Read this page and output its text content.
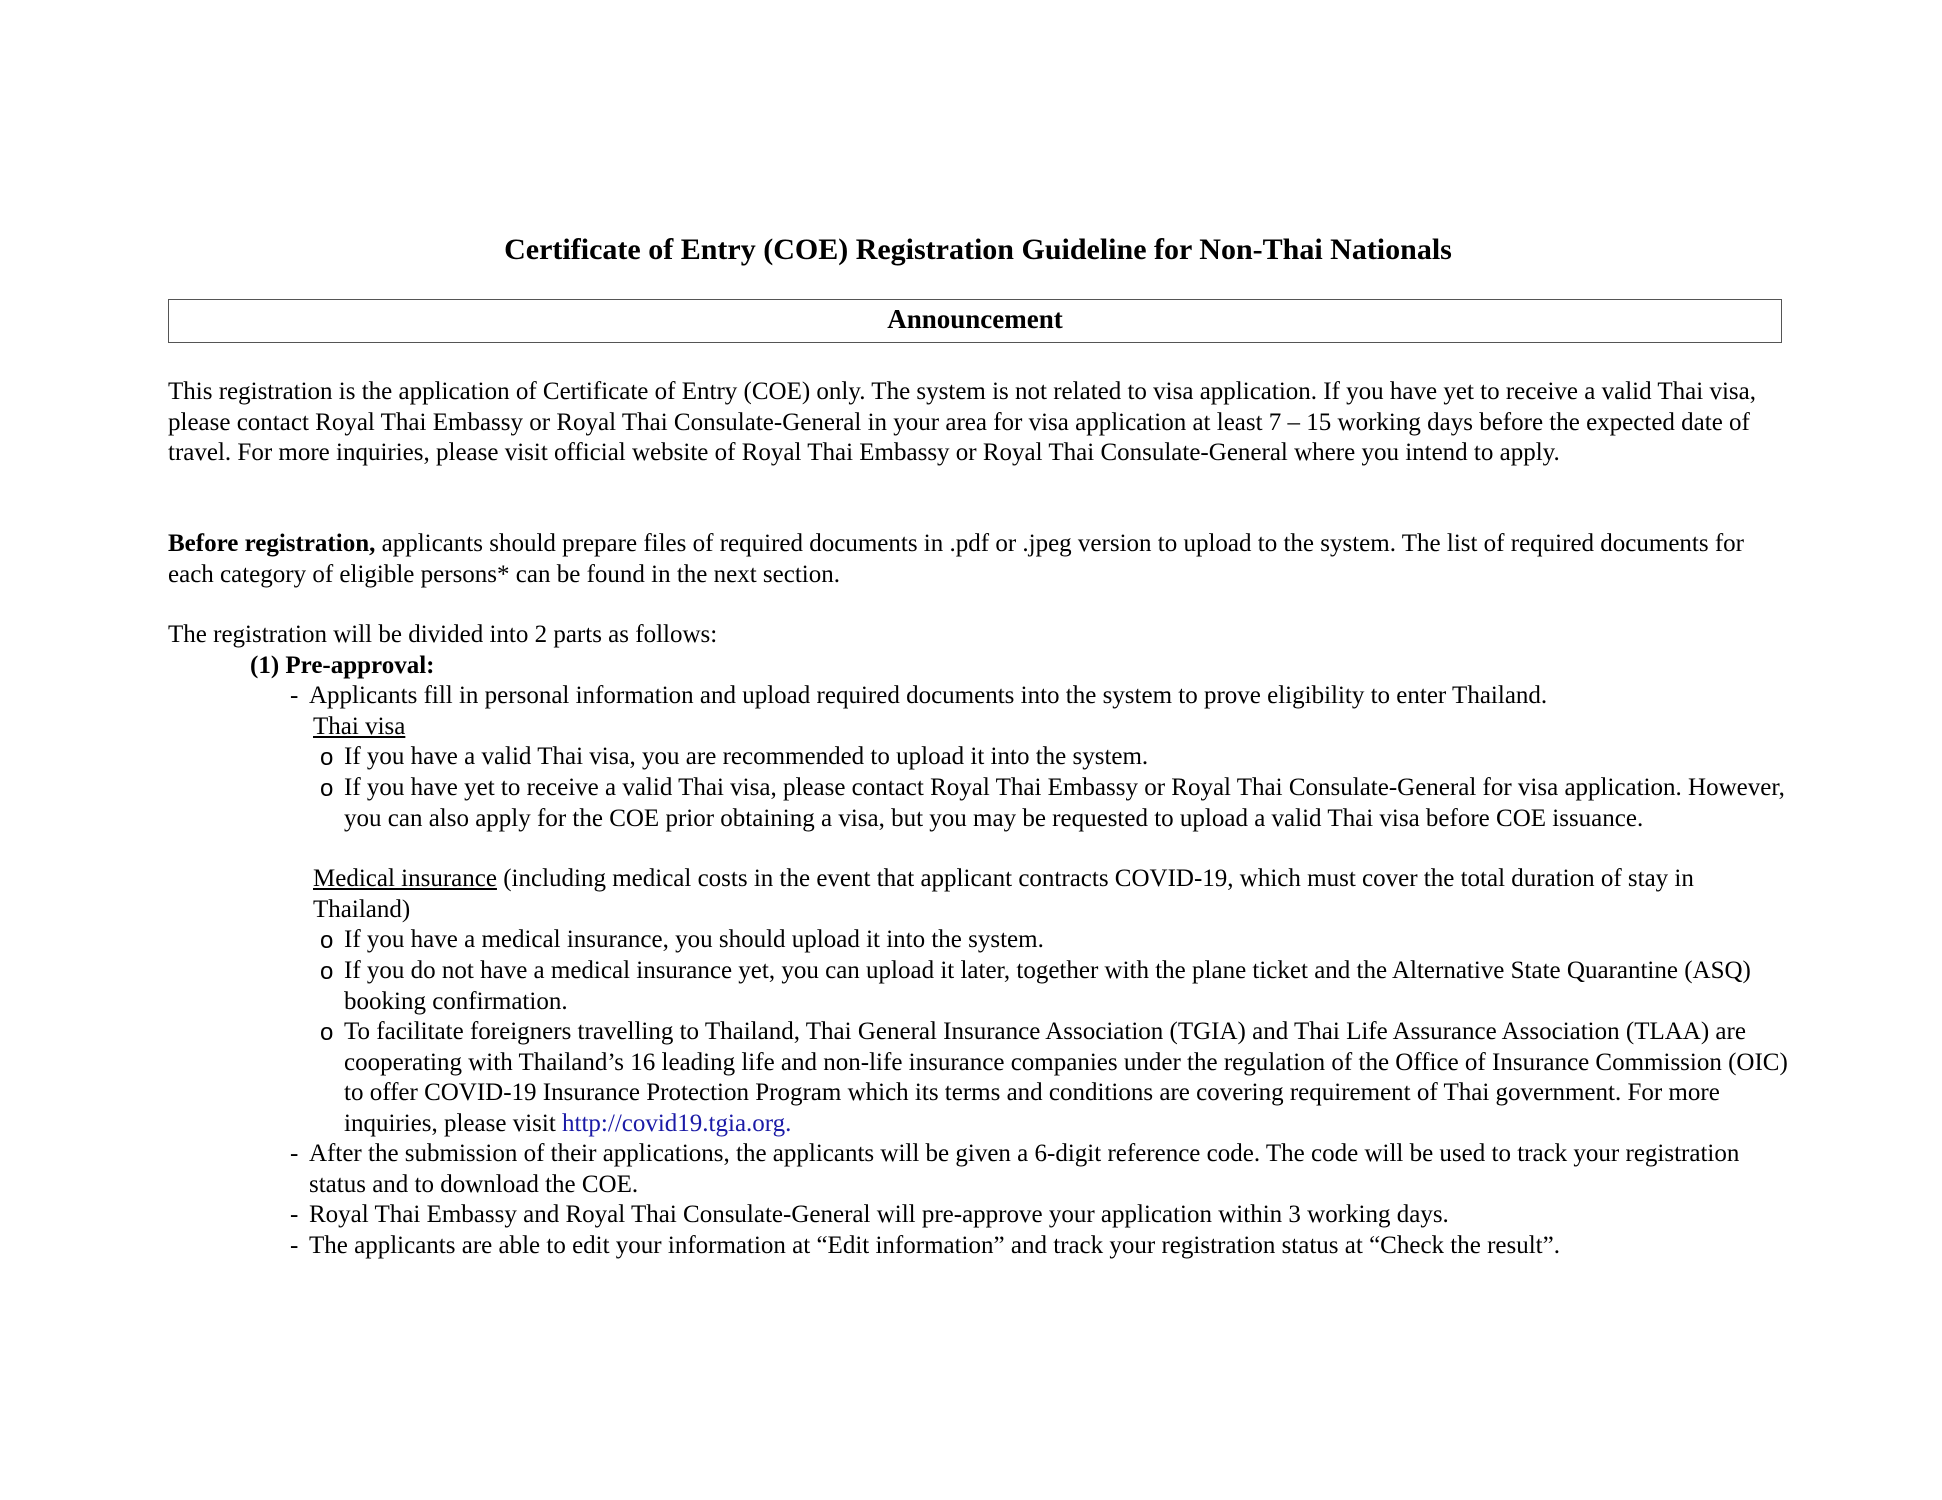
Certificate of Entry (COE) Registration Guideline for Non-Thai Nationals
Announcement

This registration is the application of Certificate of Entry (COE) only. The system is not related to visa application. If you have yet to receive a valid Thai visa, please contact Royal Thai Embassy or Royal Thai Consulate-General in your area for visa application at least 7 – 15 working days before the expected date of travel. For more inquiries, please visit official website of Royal Thai Embassy or Royal Thai Consulate-General where you intend to apply.

Before registration, applicants should prepare files of required documents in .pdf or .jpeg version to upload to the system. The list of required documents for each category of eligible persons* can be found in the next section.

The registration will be divided into 2 parts as follows:

(1) Pre-approval:
- Applicants fill in personal information and upload required documents into the system to prove eligibility to enter Thailand.
Thai visa
o If you have a valid Thai visa, you are recommended to upload it into the system.
o If you have yet to receive a valid Thai visa, please contact Royal Thai Embassy or Royal Thai Consulate-General for visa application. However, you can also apply for the COE prior obtaining a visa, but you may be requested to upload a valid Thai visa before COE issuance.
Medical insurance (including medical costs in the event that applicant contracts COVID-19, which must cover the total duration of stay in Thailand)
o If you have a medical insurance, you should upload it into the system.
o If you do not have a medical insurance yet, you can upload it later, together with the plane ticket and the Alternative State Quarantine (ASQ) booking confirmation.
o To facilitate foreigners travelling to Thailand, Thai General Insurance Association (TGIA) and Thai Life Assurance Association (TLAA) are cooperating with Thailand’s 16 leading life and non-life insurance companies under the regulation of the Office of Insurance Commission (OIC) to offer COVID-19 Insurance Protection Program which its terms and conditions are covering requirement of Thai government. For more inquiries, please visit http://covid19.tgia.org.
- After the submission of their applications, the applicants will be given a 6-digit reference code. The code will be used to track your registration status and to download the COE.
- Royal Thai Embassy and Royal Thai Consulate-General will pre-approve your application within 3 working days.
- The applicants are able to edit your information at “Edit information” and track your registration status at “Check the result”.
